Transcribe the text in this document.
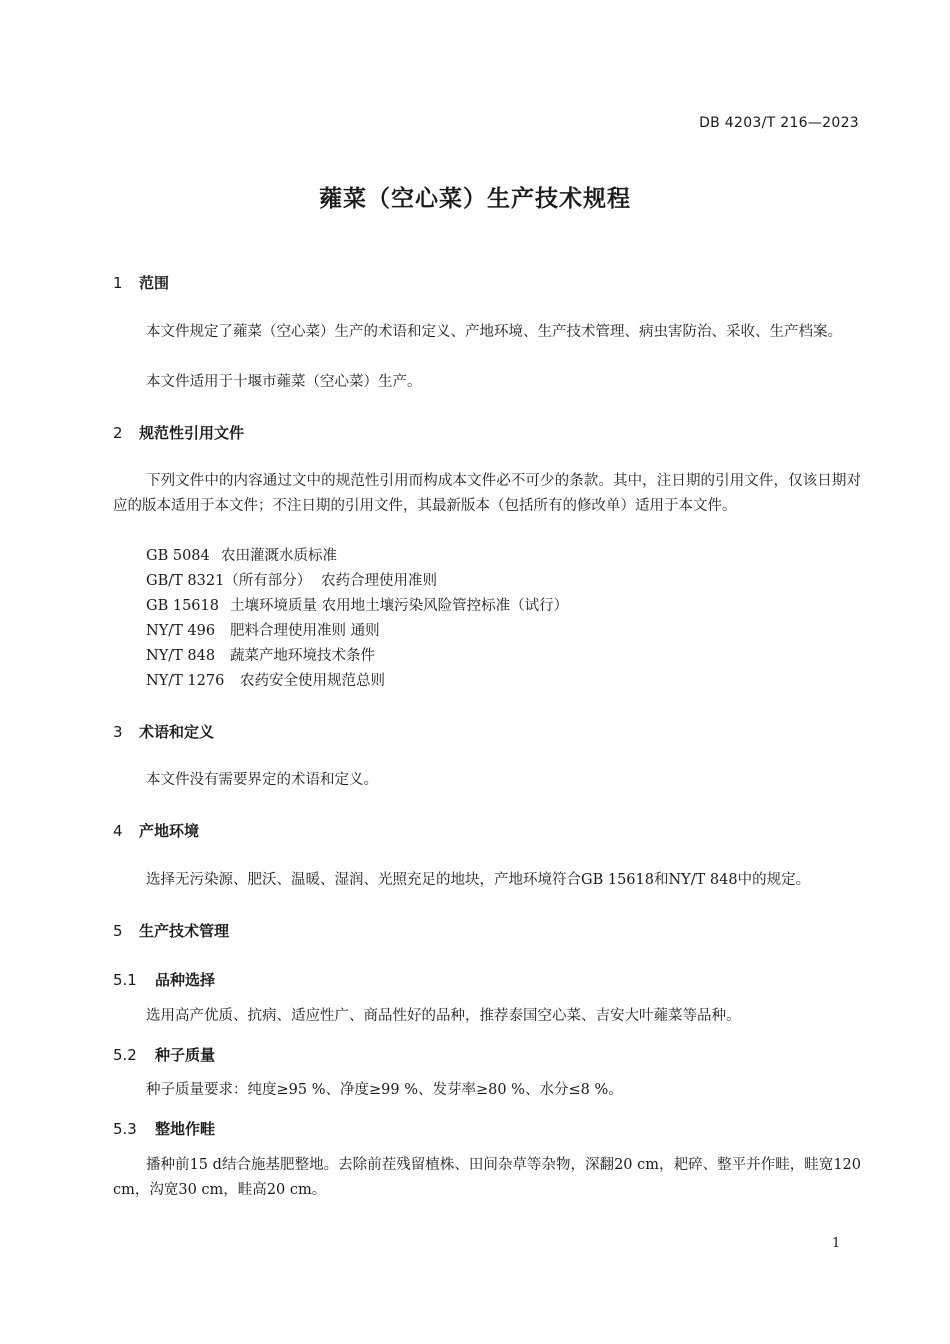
DB 4203/T 216—2023
蕹菜（空心菜）生产技术规程
1 范围
本文件规定了蕹菜（空心菜）生产的术语和定义、产地环境、生产技术管理、病虫害防治、采收、生产档案。
本文件适用于十堰市蕹菜（空心菜）生产。
2 规范性引用文件
下列文件中的内容通过文中的规范性引用而构成本文件必不可少的条款。其中，注日期的引用文件，仅该日期对应的版本适用于本文件；不注日期的引用文件，其最新版本（包括所有的修改单）适用于本文件。
GB 5084 农田灌溉水质标准
GB/T 8321（所有部分） 农药合理使用准则
GB 15618 土壤环境质量 农用地土壤污染风险管控标准（试行）
NY/T 496 肥料合理使用准则 通则
NY/T 848 蔬菜产地环境技术条件
NY/T 1276 农药安全使用规范总则
3 术语和定义
本文件没有需要界定的术语和定义。
4 产地环境
选择无污染源、肥沃、温暖、湿润、光照充足的地块，产地环境符合GB 15618和NY/T 848中的规定。
5 生产技术管理
5.1 品种选择
选用高产优质、抗病、适应性广、商品性好的品种，推荐泰国空心菜、吉安大叶蕹菜等品种。
5.2 种子质量
种子质量要求：纯度≥95 %、净度≥99 %、发芽率≥80 %、水分≤8 %。
5.3 整地作畦
播种前15 d结合施基肥整地。去除前茬残留植株、田间杂草等杂物，深翻20 cm，耙碎、整平并作畦，畦宽120 cm，沟宽30 cm，畦高20 cm。
1
